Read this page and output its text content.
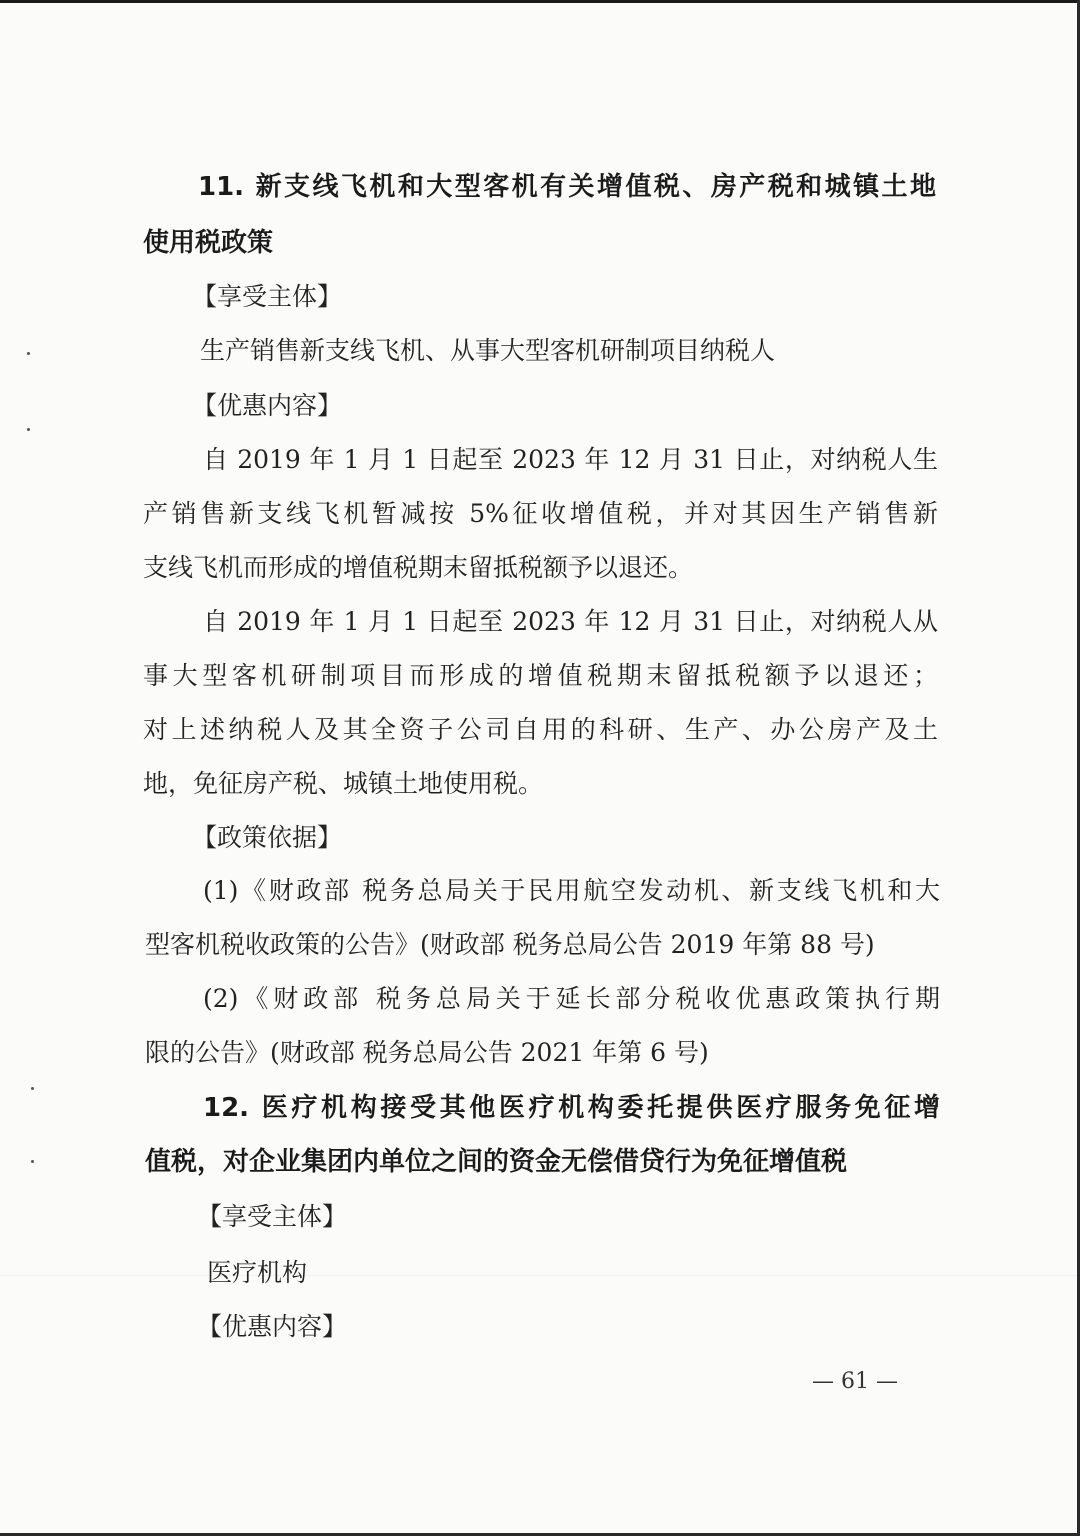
11. 新支线飞机和大型客机有关增值税、房产税和城镇土地
使用税政策
【享受主体】
生产销售新支线飞机、从事大型客机研制项目纳税人
【优惠内容】
自 2019 年 1 月 1 日起至 2023 年 12 月 31 日止，对纳税人生
产销售新支线飞机暂减按 5%征收增值税，并对其因生产销售新
支线飞机而形成的增值税期末留抵税额予以退还。
自 2019 年 1 月 1 日起至 2023 年 12 月 31 日止，对纳税人从
事大型客机研制项目而形成的增值税期末留抵税额予以退还；
对上述纳税人及其全资子公司自用的科研、生产、办公房产及土
地，免征房产税、城镇土地使用税。
【政策依据】
(1)《财政部 税务总局关于民用航空发动机、新支线飞机和大
型客机税收政策的公告》(财政部 税务总局公告 2019 年第 88 号)
(2)《财政部 税务总局关于延长部分税收优惠政策执行期
限的公告》(财政部 税务总局公告 2021 年第 6 号)
12. 医疗机构接受其他医疗机构委托提供医疗服务免征增
值税，对企业集团内单位之间的资金无偿借贷行为免征增值税
【享受主体】
医疗机构
【优惠内容】
— 61 —
